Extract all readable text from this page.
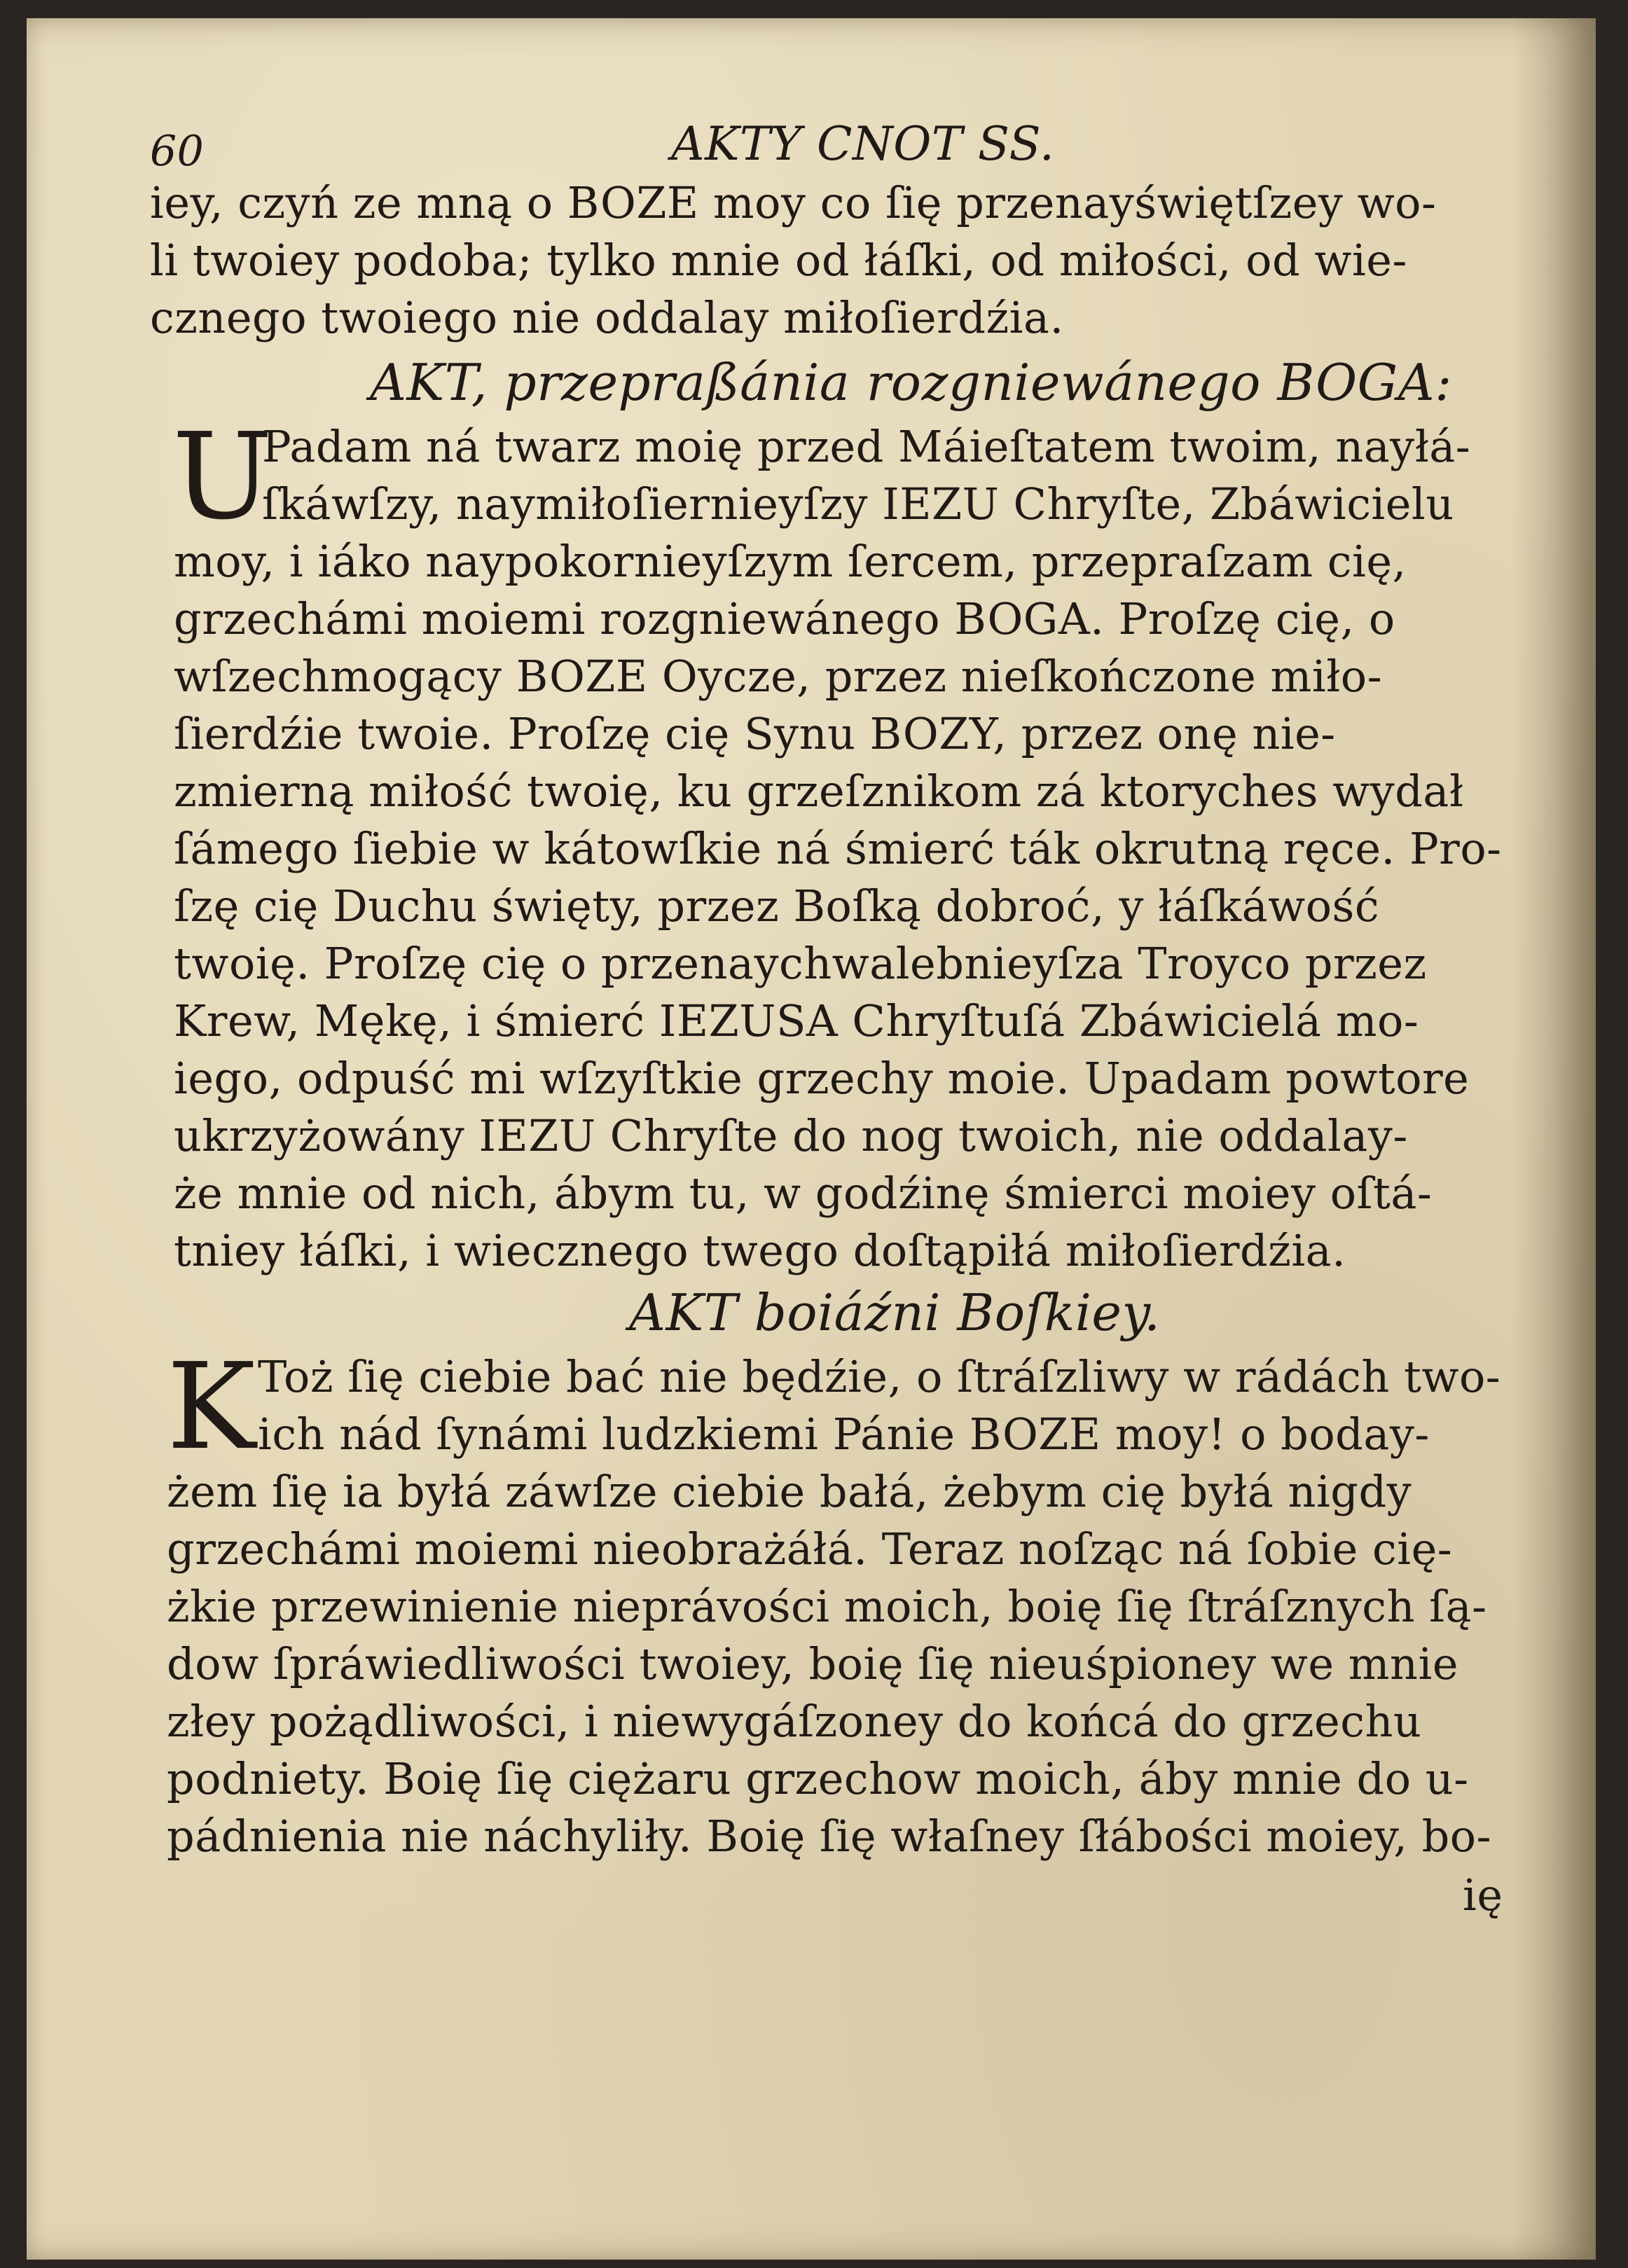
60	AKTY CNOT SS.
iey, czyń ze mną o BOZE moy co ſię przenayświętſzey wo-
li twoiey podoba; tylko mnie od łáſki, od miłości, od wie-
cznego twoiego nie oddalay miłoſierdźia.
AKT, przepraßánia rozgniewánego BOGA:
U
Padam ná twarz moię przed Máieſtatem twoim, nayłá-
ſkáwſzy, naymiłoſiernieyſzy IEZU Chryſte, Zbáwicielu
moy, i iáko naypokornieyſzym ſercem, przepraſzam cię,
grzechámi moiemi rozgniewánego BOGA. Proſzę cię, o
wſzechmogący BOZE Oycze, przez nieſkończone miło-
ſierdźie twoie. Proſzę cię Synu BOZY, przez onę nie-
zmierną miłość twoię, ku grzeſznikom zá ktoryches wydał
ſámego ſiebie w kátowſkie ná śmierć ták okrutną ręce. Pro-
ſzę cię Duchu święty, przez Boſką dobroć, y łáſkáwość
twoię. Proſzę cię o przenaychwalebnieyſza Troyco przez
Krew, Mękę, i śmierć IEZUSA Chryſtuſá Zbáwicielá mo-
iego, odpuść mi wſzyſtkie grzechy moie. Upadam powtore
ukrzyżowány IEZU Chryſte do nog twoich, nie oddalay-
że mnie od nich, ábym tu, w godźinę śmierci moiey oſtá-
tniey łáſki, i wiecznego twego doſtąpiłá miłoſierdźia.
AKT boiáźni Boſkiey.
K Toż ſię ciebie bać nie będźie, o ſtráſzliwy w rádách two-
ich nád ſynámi ludzkiemi Pánie BOZE moy! o boday-
żem ſię ia byłá záwſze ciebie bałá, żebym cię byłá nigdy
grzechámi moiemi nieobrażáłá. Teraz noſząc ná ſobie cię-
żkie przewinienie nieprávości moich, boię ſię ſtráſznych ſą-
dow ſpráwiedliwości twoiey, boię ſię nieuśpioney we mnie
złey pożądliwości, i niewygáſzoney do końcá do grzechu
podniety. Boię ſię ciężaru grzechow moich, áby mnie do u-
pádnienia nie náchyliły. Boię ſię właſney ſłábości moiey, bo-
ię
